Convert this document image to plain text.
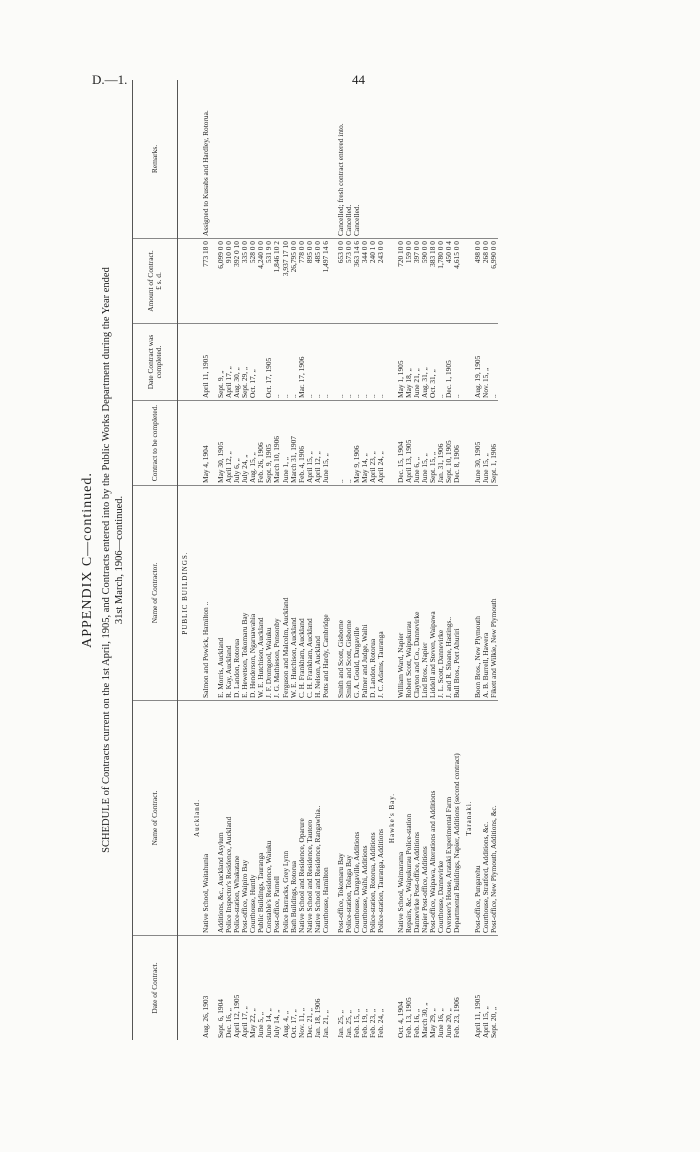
D.—1.	44
APPENDIX C—continued. SCHEDULE of Contracts current on the 1st April, 1905, and Contracts entered into by the Public Works Department during the Year ended 31st March, 1906—continued.
Date of Contract.	Name of Contract.	Name of Contractor.	Contract to be completed.	Date Contract was completed.	Amount of Contract. £ s. d.	Remarks.
		PUBLIC BUILDINGS.				
	Auckland.					
Aug. 26, 1903	Native School, Waitahunia	Salmon and Powick, Hamilton ..	May 4, 1904	April 11, 1905	773 18 0	Assigned to Kusabs and Hardley, Rotorua.

Sept. 6, 1904	Additions, &c., Auckland Asylum	E. Morris, Auckland	May 30, 1905	Sept. 9, „	6,099 0 0	
Dec. 16, „	Police Inspector's Residence, Auckland	R. Kay, Auckland	April 12, „	April 17, „	910 0 0	
April 12, 1905	Police-station, Whakatane	D. Landon, Rotorua	July 6, „	Aug. 30, „	392 0 10	
April 17, „	Post-office, Waipiro Bay	E. Hewetson, Tokomaru Bay	July 24, „	Sept. 29, „	335 0 0	
May 22, „	Courthouse, Huntly	D. Henderson, Ngaruawahia	Aug. 15, „	Oct. 17, „	528 0 0	
June 5, „	Public Buildings, Tauranga	W. E. Hutchison, Auckland	Feb. 26, 1906		4,240 0 0	
June 14, „	Constable's Residence, Waiuku	J. F. Dromgool, Waiuku	Sept. 9, 1905	Oct. 17, 1905	531 9 0	
July 14, „	Post-office, Parnell	J. G. Mathieson, Ponsonby	March 10, 1906	..	1,846 10 2	
Aug. 4, „	Police Barracks, Grey Lynn	Ferguson and Malcolm, Auckland	June 1, „	..	3,937 17 10	
Oct. 17, „	Bath Buildings, Rotorua	W. E. Hutchison, Auckland	March 31, 1907	..	26,795 0 0	
Nov. 11, „	Native School and Residence, Oparure	C. H. Frankham, Auckland	Feb. 4, 1906	Mar. 17, 1906	778 0 0	
Dec. 21, „	Native School and Residence, Tautoro	C. H. Frankham, Auckland	April 15, „	..	895 0 0	
Jan. 18, 1906	Native School and Residence, Rangawhia..	H. Nelson, Auckland	April 12, „	..	485 0 0	
Jan. 21, „	Courthouse, Hamilton	Potts and Hardy, Cambridge	June 15, „	..	1,497 14 6	

Jan. 25, „	Post-office, Tokomaru Bay	Smith and Scott, Gisborne	..	..	653 0 0	Cancelled; fresh contract entered into.
Jan. 25, „	Police-station, Tolaga Bay	Smith and Scott, Gisborne	..	..	573 0 0	Cancelled.
Feb. 15, „	Courthouse, Dargaville, Additions	G. A. Gould, Dargaville	May 9, 1906	..	363 14 6	Cancelled.
Feb. 19, „	Courthouse, Waihi, Additions	Palmer and Judge, Waihi	May 14, „	..	344 0 0	
Feb. 23, „	Police-station, Rotorua, Additions	D. Landon, Rotorua	April 23, „	..	240 1 0	
Feb. 24, „	Police-station, Tauranga, Additions	J. C. Adams, Tauranga	April 24, „	..	243 0 0	
	Hawke's Bay.					
Oct. 4, 1904	Native School, Waimarama	William Ward, Napier	Dec. 15, 1904	May 1, 1905	720 10 0	
Feb. 13, 1905	Repairs, &c., Waipukurau Police-station	Robert Scott, Waipukurau	April 13, 1905	May 18, „	159 0 0	
Feb. 16, „	Dannevirke Post-office, Additions	Clayton and Co., Dannevirke	June 6, „	June 21, „	397 0 0	
March 30, „	Napier Post-office, Additions	Lind Bros., Napier	June 15, „	Aug. 31, „	590 0 0	
May 29, „	Post-office, Waipawa, Alterations and Additions	Liddell and Steven, Waipawa	Sept. 15, „	Oct. 31, „	383 18 0	
June 16, „	Courthouse, Dannevirke	J. L. Scott, Dannevirke	Jan. 31, 1906	..	1,780 0 0	
June 20, „	Overseer's House, Arataki Experimental Farm	J. and R. Sloane, Hastings..	Sept. 10, 1905	Dec. 1, 1905	450 0 4	
Feb. 23, 1906	Departmental Buildings, Napier, Additions (second contract)	Bull Bros., Port Ahuriri	Dec. 8, 1906	..	4,615 0 0	
	Taranaki.					
April 11, 1905	Post-office, Pungarehu	Boon Bros., New Plymouth	June 30, 1905	Aug. 19, 1905	498 0 0	
April 15, „	Courthouse, Stratford, Additions, &c.	A. B. Burrell, Hawera	June 15, „	Nov. 15, „	268 0 0	
Sept. 20, „	Post-office, New Plymouth, Additions, &c.	Fikett and Wilkie, New Plymouth	Sept. 1, 1906	..	6,990 0 0	
